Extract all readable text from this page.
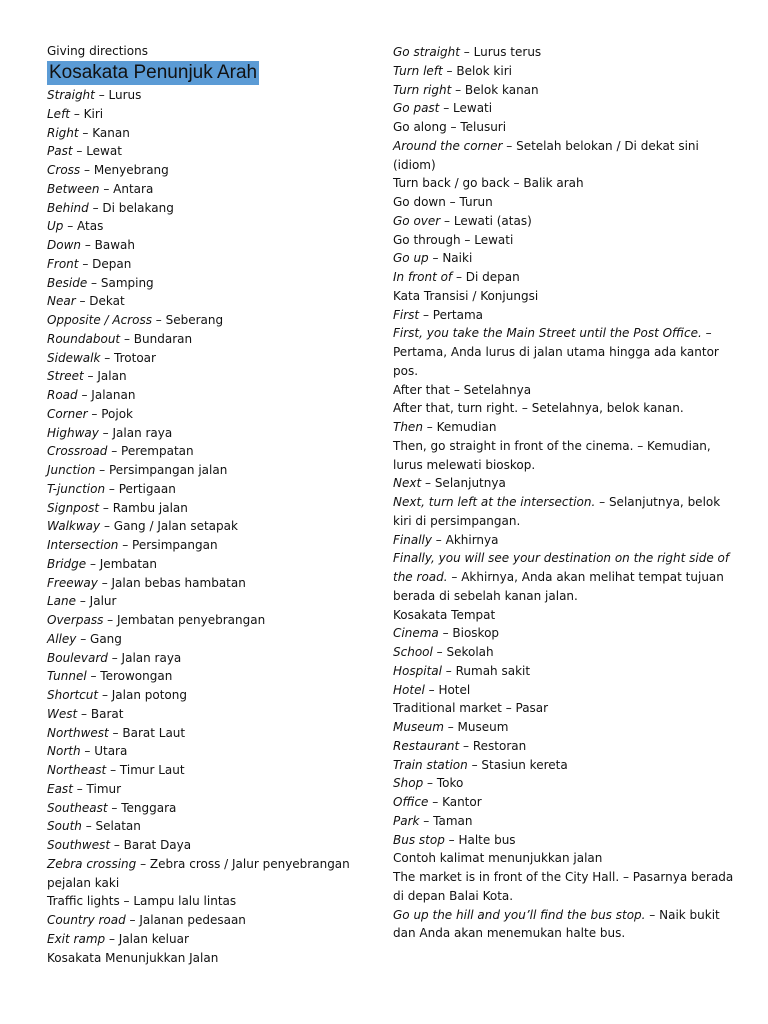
Giving directions
Kosakata Penunjuk Arah
Straight – Lurus
Left – Kiri
Right – Kanan
Past – Lewat
Cross – Menyebrang
Between – Antara
Behind – Di belakang
Up – Atas
Down – Bawah
Front – Depan
Beside – Samping
Near – Dekat
Opposite / Across – Seberang
Roundabout – Bundaran
Sidewalk – Trotoar
Street – Jalan
Road – Jalanan
Corner – Pojok
Highway – Jalan raya
Crossroad – Perempatan
Junction – Persimpangan jalan
T-junction – Pertigaan
Signpost – Rambu jalan
Walkway – Gang / Jalan setapak
Intersection – Persimpangan
Bridge – Jembatan
Freeway – Jalan bebas hambatan
Lane – Jalur
Overpass – Jembatan penyebrangan
Alley – Gang
Boulevard – Jalan raya
Tunnel – Terowongan
Shortcut – Jalan potong
West – Barat
Northwest – Barat Laut
North – Utara
Northeast – Timur Laut
East – Timur
Southeast – Tenggara
South – Selatan
Southwest – Barat Daya
Zebra crossing – Zebra cross / Jalur penyebrangan
pejalan kaki
Traffic lights – Lampu lalu lintas
Country road – Jalanan pedesaan
Exit ramp – Jalan keluar
Kosakata Menunjukkan Jalan
Go straight – Lurus terus
Turn left – Belok kiri
Turn right – Belok kanan
Go past – Lewati
Go along – Telusuri
Around the corner – Setelah belokan / Di dekat sini
(idiom)
Turn back / go back – Balik arah
Go down – Turun
Go over – Lewati (atas)
Go through – Lewati
Go up – Naiki
In front of – Di depan
Kata Transisi / Konjungsi
First – Pertama
First, you take the Main Street until the Post Office. –
Pertama, Anda lurus di jalan utama hingga ada kantor
pos.
After that – Setelahnya
After that, turn right. – Setelahnya, belok kanan.
Then – Kemudian
Then, go straight in front of the cinema. – Kemudian,
lurus melewati bioskop.
Next – Selanjutnya
Next, turn left at the intersection. – Selanjutnya, belok
kiri di persimpangan.
Finally – Akhirnya
Finally, you will see your destination on the right side of
the road. – Akhirnya, Anda akan melihat tempat tujuan
berada di sebelah kanan jalan.
Kosakata Tempat
Cinema – Bioskop
School – Sekolah
Hospital – Rumah sakit
Hotel – Hotel
Traditional market – Pasar
Museum – Museum
Restaurant – Restoran
Train station – Stasiun kereta
Shop – Toko
Office – Kantor
Park – Taman
Bus stop – Halte bus
Contoh kalimat menunjukkan jalan
The market is in front of the City Hall. – Pasarnya berada
di depan Balai Kota.
Go up the hill and you’ll find the bus stop. – Naik bukit
dan Anda akan menemukan halte bus.
